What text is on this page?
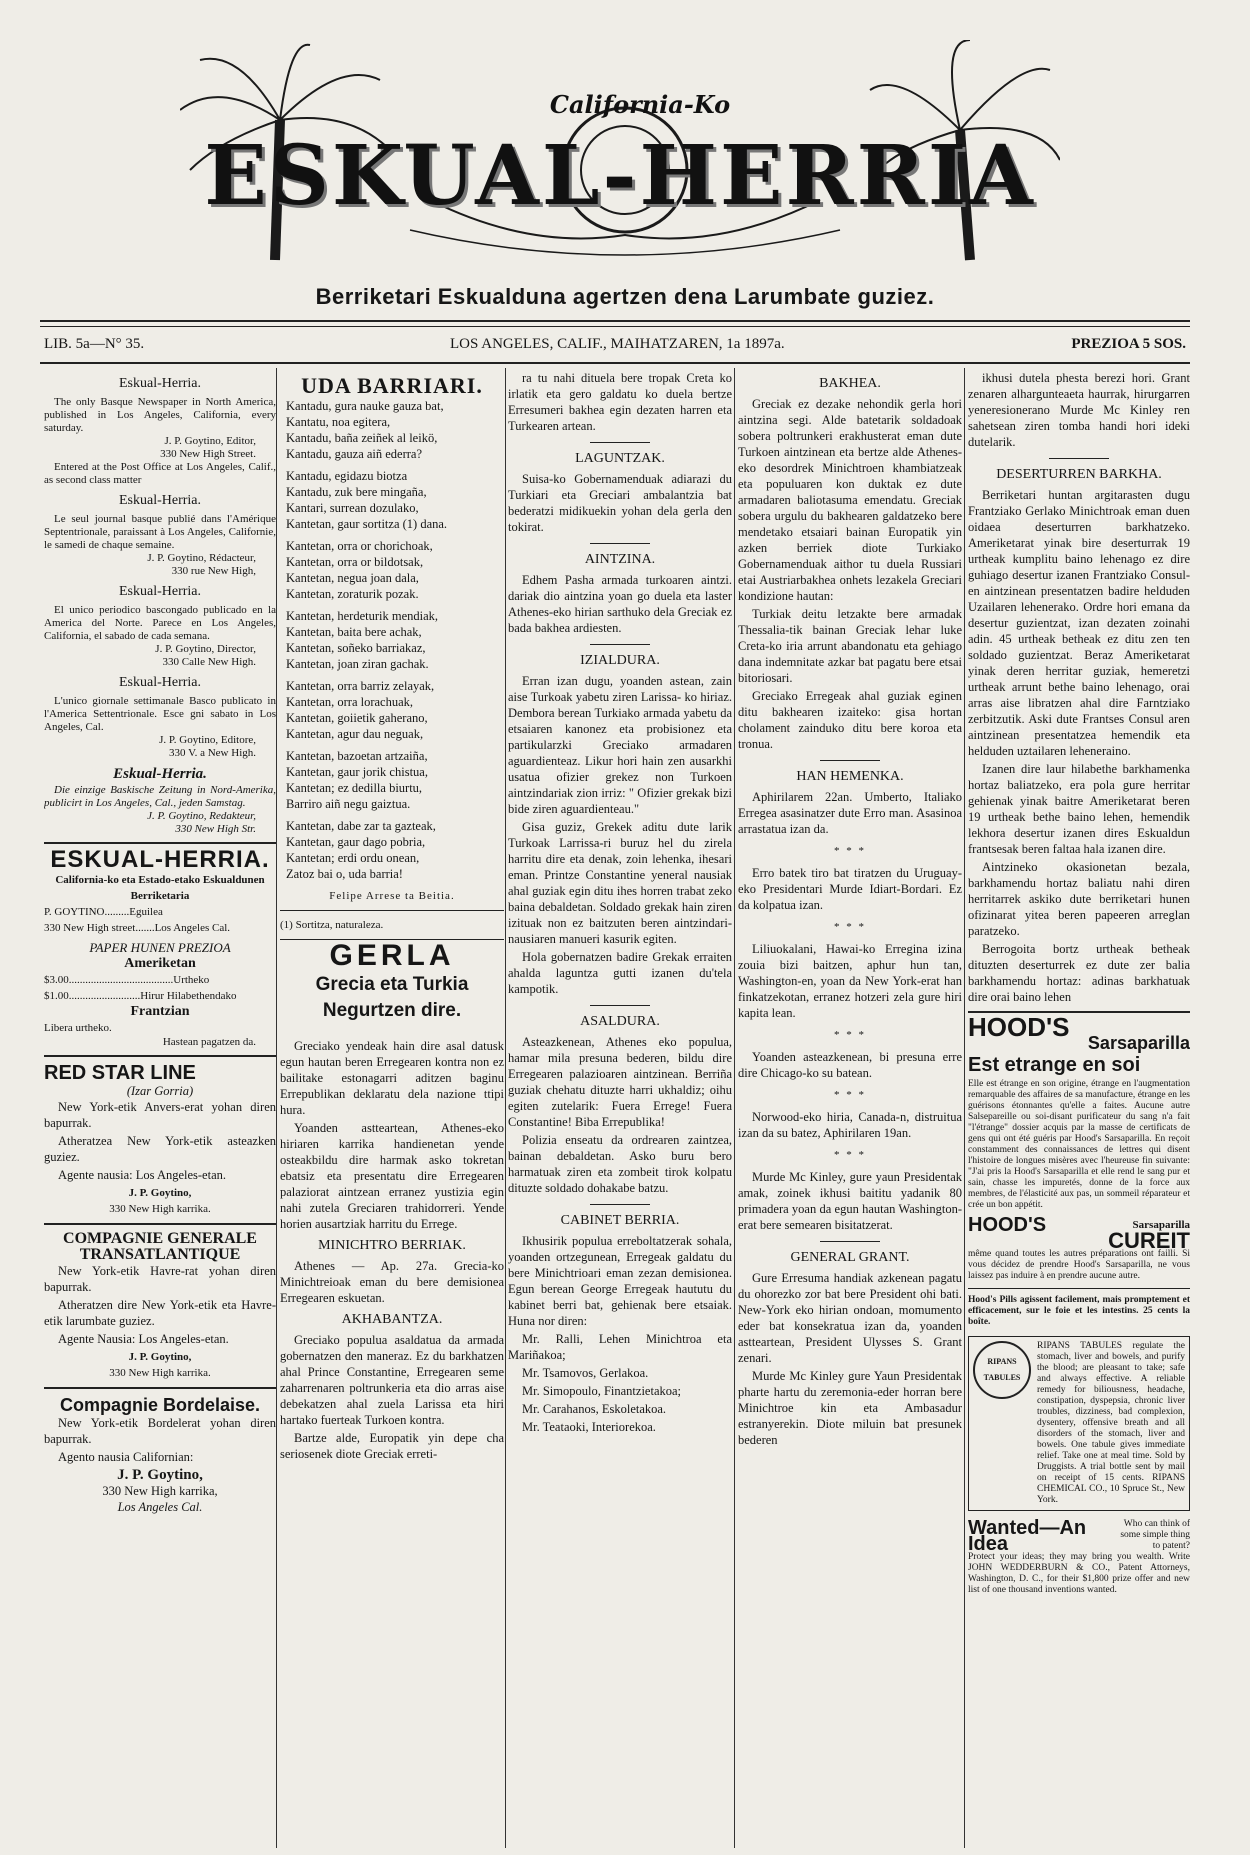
California-Ko
ESKUAL-HERRIA
Berriketari Eskualduna agertzen dena Larumbate guziez.
LIB. 5a—N° 35.	LOS ANGELES, CALIF., MAIHATZAREN, 1a 1897a.	PREZIOA 5 SOS.
Eskual-Herria.
The only Basque Newspaper in North America, published in Los Angeles, California, every saturday.
J. P. Goytino, Editor,
330 New High Street.
Entered at the Post Office at Los Angeles, Calif., as second class matter
Eskual-Herria.
Le seul journal basque publié dans l'Amérique Septentrionale, paraissant à Los Angeles, Californie, le samedi de chaque semaine.
J. P. Goytino, Rédacteur,
330 rue New High,
Eskual-Herria.
El unico periodico bascongado publicado en la America del Norte. Parece en Los Angeles, California, el sabado de cada semana.
J. P. Goytino, Director,
330 Calle New High.
Eskual-Herria.
L'unico giornale settimanale Basco publicato in l'America Settentrionale. Esce gni sabato in Los Angeles, Cal.
J. P. Goytino, Editore,
330 V. a New High.
Eskual-Herria.
Die einzige Baskische Zeitung in Nord-Amerika, publicirt in Los Angeles, Cal., jeden Samstag.
J. P. Goytino, Redakteur,
330 New High Str.
ESKUAL-HERRIA.
California-ko eta Estado-etako Eskualdunen Berriketaria
P. GOYTINO.........Eguilea
330 New High street.......Los Angeles Cal.
PAPER HUNEN PREZIOA
Ameriketan
$3.00......................................Urtheko
$1.00..........................Hirur Hilabethendako
Frantzian
Libera urtheko.
Hastean pagatzen da.
RED STAR LINE
(Izar Gorria)
New York-etik Anvers-erat yohan diren bapurrak.
Atheratzea New York-etik asteazken guziez.
Agente nausia: Los Angeles-etan.
J. P. Goytino,
330 New High karrika.
COMPAGNIE GENERALE TRANSATLANTIQUE
New York-etik Havre-rat yohan diren bapurrak.
Atheratzen dire New York-etik eta Havre-etik larumbate guziez.
Agente Nausia: Los Angeles-etan.
J. P. Goytino,
330 New High karrika.
Compagnie Bordelaise.
New York-etik Bordelerat yohan diren bapurrak.
Agento nausia Californian:
J. P. Goytino,
330 New High karrika,
Los Angeles Cal.
UDA BARRIARI.
Kantadu, gura nauke gauza bat,
Kantatu, noa egitera,
Kantadu, baña zeiñek al leikö,
Kantadu, gauza aiñ ederra?
Kantadu, egidazu biotza
Kantadu, zuk bere mingaña,
Kantari, surrean dozulako,
Kantetan, gaur sortitza (1) dana.
Kantetan, orra or chorichoak,
Kantetan, orra or bildotsak,
Kantetan, negua joan dala,
Kantetan, zoraturik pozak.
Kantetan, herdeturik mendiak,
Kantetan, baita bere achak,
Kantetan, soñeko barriakaz,
Kantetan, joan ziran gachak.
Kantetan, orra barriz zelayak,
Kantetan, orra lorachuak,
Kantetan, goiietik gaherano,
Kantetan, agur dau neguak,
Kantetan, bazoetan artzaiña,
Kantetan, gaur jorik chistua,
Kantetan; ez dedilla biurtu,
Barriro aiñ negu gaiztua.
Kantetan, dabe zar ta gazteak,
Kantetan, gaur dago pobria,
Kantetan; erdi ordu onean,
Zatoz bai o, uda barria!
Felipe Arrese ta Beitia.
(1) Sortitza, naturaleza.
GERLA
Grecia eta Turkia Negurtzen dire.
Greciako yendeak hain dire asal datusk egun hautan beren Erregearen kontra non ez bailitake estonagarri aditzen baginu Errepublikan deklaratu dela nazione ttipi hura.
Yoanden astteartean, Athenes-eko hiriaren karrika handienetan yende osteakbildu dire harmak asko tokretan ebatsiz eta presentatu dire Erregearen palaziorat aintzean erranez yustizia egin nahi zutela Greciaren trahidorreri. Yende horien ausartziak harritu du Errege.
MINICHTRO BERRIAK.
Athenes — Ap. 27a. Grecia-ko Minichtreioak eman du bere demisionea Erregearen eskuetan.
AKHABANTZA.
Greciako populua asaldatua da armada gobernatzen den maneraz. Ez du barkhatzen ahal Prince Constantine, Erregearen seme zaharrenaren poltrunkeria eta dio arras aise debekatzen ahal zuela Larissa eta hiri hartako fuerteak Turkoen kontra.
Bartze alde, Europatik yin depe cha seriosenek diote Greciak erreti-
ra tu nahi dituela bere tropak Creta ko irlatik eta gero galdatu ko duela bertze Erresumeri bakhea egin dezaten harren eta Turkearen artean.
LAGUNTZAK.
Suisa-ko Gobernamenduak adiarazi du Turkiari eta Greciari ambalantzia bat bederatzi midikuekin yohan dela gerla den tokirat.
AINTZINA.
Edhem Pasha armada turkoaren aintzi. dariak dio aintzina yoan go duela eta laster Athenes-eko hirian sarthuko dela Greciak ez bada bakhea ardiesten.
IZIALDURA.
Erran izan dugu, yoanden astean, zain aise Turkoak yabetu ziren Larissa- ko hiriaz. Dembora berean Turkiako armada yabetu da etsaiaren kanonez eta probisionez eta partikularzki Greciako armadaren aguardienteaz. Likur hori hain zen ausarkhi usatua ofizier grekez non Turkoen aintzindariak zion irriz: " Ofizier grekak bizi bide ziren aguardienteau."
Gisa guziz, Grekek aditu dute larik Turkoak Larrissa-ri buruz hel du zirela harritu dire eta denak, zoin lehenka, ihesari eman. Printze Constantine yeneral nausiak ahal guziak egin ditu ihes horren trabat zeko baina debaldetan. Soldado grekak hain ziren izituak non ez baitzuten beren aintzindari- nausiaren manueri kasurik egiten.
Hola gobernatzen badire Grekak erraiten ahalda laguntza gutti izanen du'tela kampotik.
ASALDURA.
Asteazkenean, Athenes eko populua, hamar mila presuna bederen, bildu dire Erregearen palazioaren aintzinean. Berriña guziak chehatu dituzte harri ukhaldiz; oihu egiten zutelarik: Fuera Errege! Fuera Constantine! Biba Errepublika!
Polizia enseatu da ordrearen zaintzea, bainan debaldetan. Asko buru bero harmatuak ziren eta zombeit tirok kolpatu dituzte soldado dohakabe batzu.
CABINET BERRIA.
Ikhusirik populua erreboltatzerak sohala, yoanden ortzegunean, Erregeak galdatu du bere Minichtrioari eman zezan demisionea. Egun berean George Erregeak haututu du kabinet berri bat, gehienak bere etsaiak. Huna nor diren:
Mr. Ralli, Lehen Minichtroa eta Mariñakoa;
Mr. Tsamovos, Gerlakoa.
Mr. Simopoulo, Finantzietakoa;
Mr. Carahanos, Eskoletakoa.
Mr. Teataoki, Interiorekoa.
BAKHEA.
Greciak ez dezake nehondik gerla hori aintzina segi. Alde batetarik soldadoak sobera poltrunkeri erakhusterat eman dute Turkoen aintzinean eta bertze alde Athenes-eko desordrek Minichtroen khambiatzeak eta populuaren kon duktak ez dute armadaren baliotasuma emendatu. Greciak sobera urgulu du bakhearen galdatzeko bere mendetako etsaiari bainan Europatik yin azken berriek diote Turkiako Gobernamenduak aithor tu duela Russiari etai Austriarbakhea onhets lezakela Greciari kondizione hautan:
Turkiak deitu letzakte bere armadak Thessalia-tik bainan Greciak lehar luke Creta-ko iria arrunt abandonatu eta gehiago dana indemnitate azkar bat pagatu bere etsai bitoriosari.
Greciako Erregeak ahal guziak eginen ditu bakhearen izaiteko: gisa hortan cholament zainduko ditu bere koroa eta tronua.
HAN HEMENKA.
Aphirilarem 22an. Umberto, Italiako Erregea asasinatzer dute Erro man. Asasinoa arrastatua izan da.
* * *
Erro batek tiro bat tiratzen du Uruguay-eko Presidentari Murde Idiart-Bordari. Ez da kolpatua izan.
* * *
Liliuokalani, Hawai-ko Erregina izina zouia bizi baitzen, aphur hun tan, Washington-en, yoan da New York-erat han finkatzekotan, erranez hotzeri zela gure hiri kapita lean.
* * *
Yoanden asteazkenean, bi presuna erre dire Chicago-ko su batean.
* * *
Norwood-eko hiria, Canada-n, distruitua izan da su batez, Aphirilaren 19an.
* * *
Murde Mc Kinley, gure yaun Presidentak amak, zoinek ikhusi baititu yadanik 80 primadera yoan da egun hautan Washington-erat bere semearen bisitatzerat.
GENERAL GRANT.
Gure Erresuma handiak azkenean pagatu du ohorezko zor bat bere President ohi bati. New-York eko hirian ondoan, momumento eder bat konsekratua izan da, yoanden astteartean, President Ulysses S. Grant zenari.
Murde Mc Kinley gure Yaun Presidentak pharte hartu du zeremonia-eder horran bere Minichtroe kin eta Ambasadur estranyerekin. Diote miluin bat presunek bederen
ikhusi dutela phesta berezi hori. Grant zenaren alhargunteaeta haurrak, hirurgarren yeneresionerano Murde Mc Kinley ren sahetsean ziren tomba handi hori ideki dutelarik.
DESERTURREN BARKHA.
Berriketari huntan argitarasten dugu Frantziako Gerlako Minichtroak eman duen oidaea deserturren barkhatzeko. Ameriketarat yinak bire deserturrak 19 urtheak kumplitu baino lehenago ez dire guhiago desertur izanen Frantziako Consul-en aintzinean presentatzen badire helduden Uzailaren lehenerako. Ordre hori emana da desertur guzientzat, izan dezaten zoinahi adin. 45 urtheak betheak ez ditu zen ten soldado guzientzat. Beraz Ameriketarat yinak deren herritar guziak, hemeretzi urtheak arrunt bethe baino lehenago, orai arras aise libratzen ahal dire Farntziako zerbitzutik. Aski dute Frantses Consul aren aintzinean presentatzea hemendik eta helduden uztailaren leheneraino.
Izanen dire laur hilabethe barkhamenka hortaz baliatzeko, era pola gure herritar gehienak yinak baitre Ameriketarat beren 19 urtheak bethe baino lehen, hemendik lekhora desertur izanen dires Eskualdun frantsesak beren faltaa hala izanen dire.
Aintzineko okasionetan bezala, barkhamendu hortaz baliatu nahi diren herritarrek askiko dute berriketari hunen ofizinarat yitea beren papeeren arreglan paratzeko.
Berrogoita bortz urtheak betheak dituzten deserturrek ez dute zer balia barkhamendu hortaz: adinas barkhatuak dire orai baino lehen
HOOD'S
Sarsaparilla
Est etrange en soi
Elle est étrange en son origine, étrange en l'augmentation remarquable des affaires de sa manufacture, étrange en les guérisons étonnantes qu'elle a faites. Aucune autre Salsepareille ou soi-disant purificateur du sang n'a fait "l'étrange" dossier acquis par la masse de certificats de gens qui ont été guéris par Hood's Sarsaparilla. En reçoit constamment des connaissances de lettres qui disent l'histoire de longues misères avec l'heureuse fin suivante: "J'ai pris la Hood's Sarsaparilla et elle rend le sang pur et sain, chasse les impuretés, donne de la force aux membres, de l'élasticité aux pas, un sommeil réparateur et crée un bon appétit.
HOOD'S	Sarsaparilla
CUREIT
même quand toutes les autres préparations ont failli. Si vous décidez de prendre Hood's Sarsaparilla, ne vous laissez pas induire à en prendre aucune autre.
Hood's Pills agissent facilement, mais promptement et efficacement, sur le foie et les intestins. 25 cents la boîte.
RIPANS TABULES
RIPANS TABULES regulate the stomach, liver and bowels, and purify the blood; are pleasant to take; safe and always effective. A reliable remedy for biliousness, headache, constipation, dyspepsia, chronic liver troubles, dizziness, bad complexion, dysentery, offensive breath and all disorders of the stomach, liver and bowels. One tabule gives immediate relief. Take one at meal time. Sold by Druggists. A trial bottle sent by mail on receipt of 15 cents. RIPANS CHEMICAL CO., 10 Spruce St., New York.
Wanted—An Idea
Who can think of some simple thing to patent?
Protect your ideas; they may bring you wealth. Write JOHN WEDDERBURN & CO., Patent Attorneys, Washington, D. C., for their $1,800 prize offer and new list of one thousand inventions wanted.
